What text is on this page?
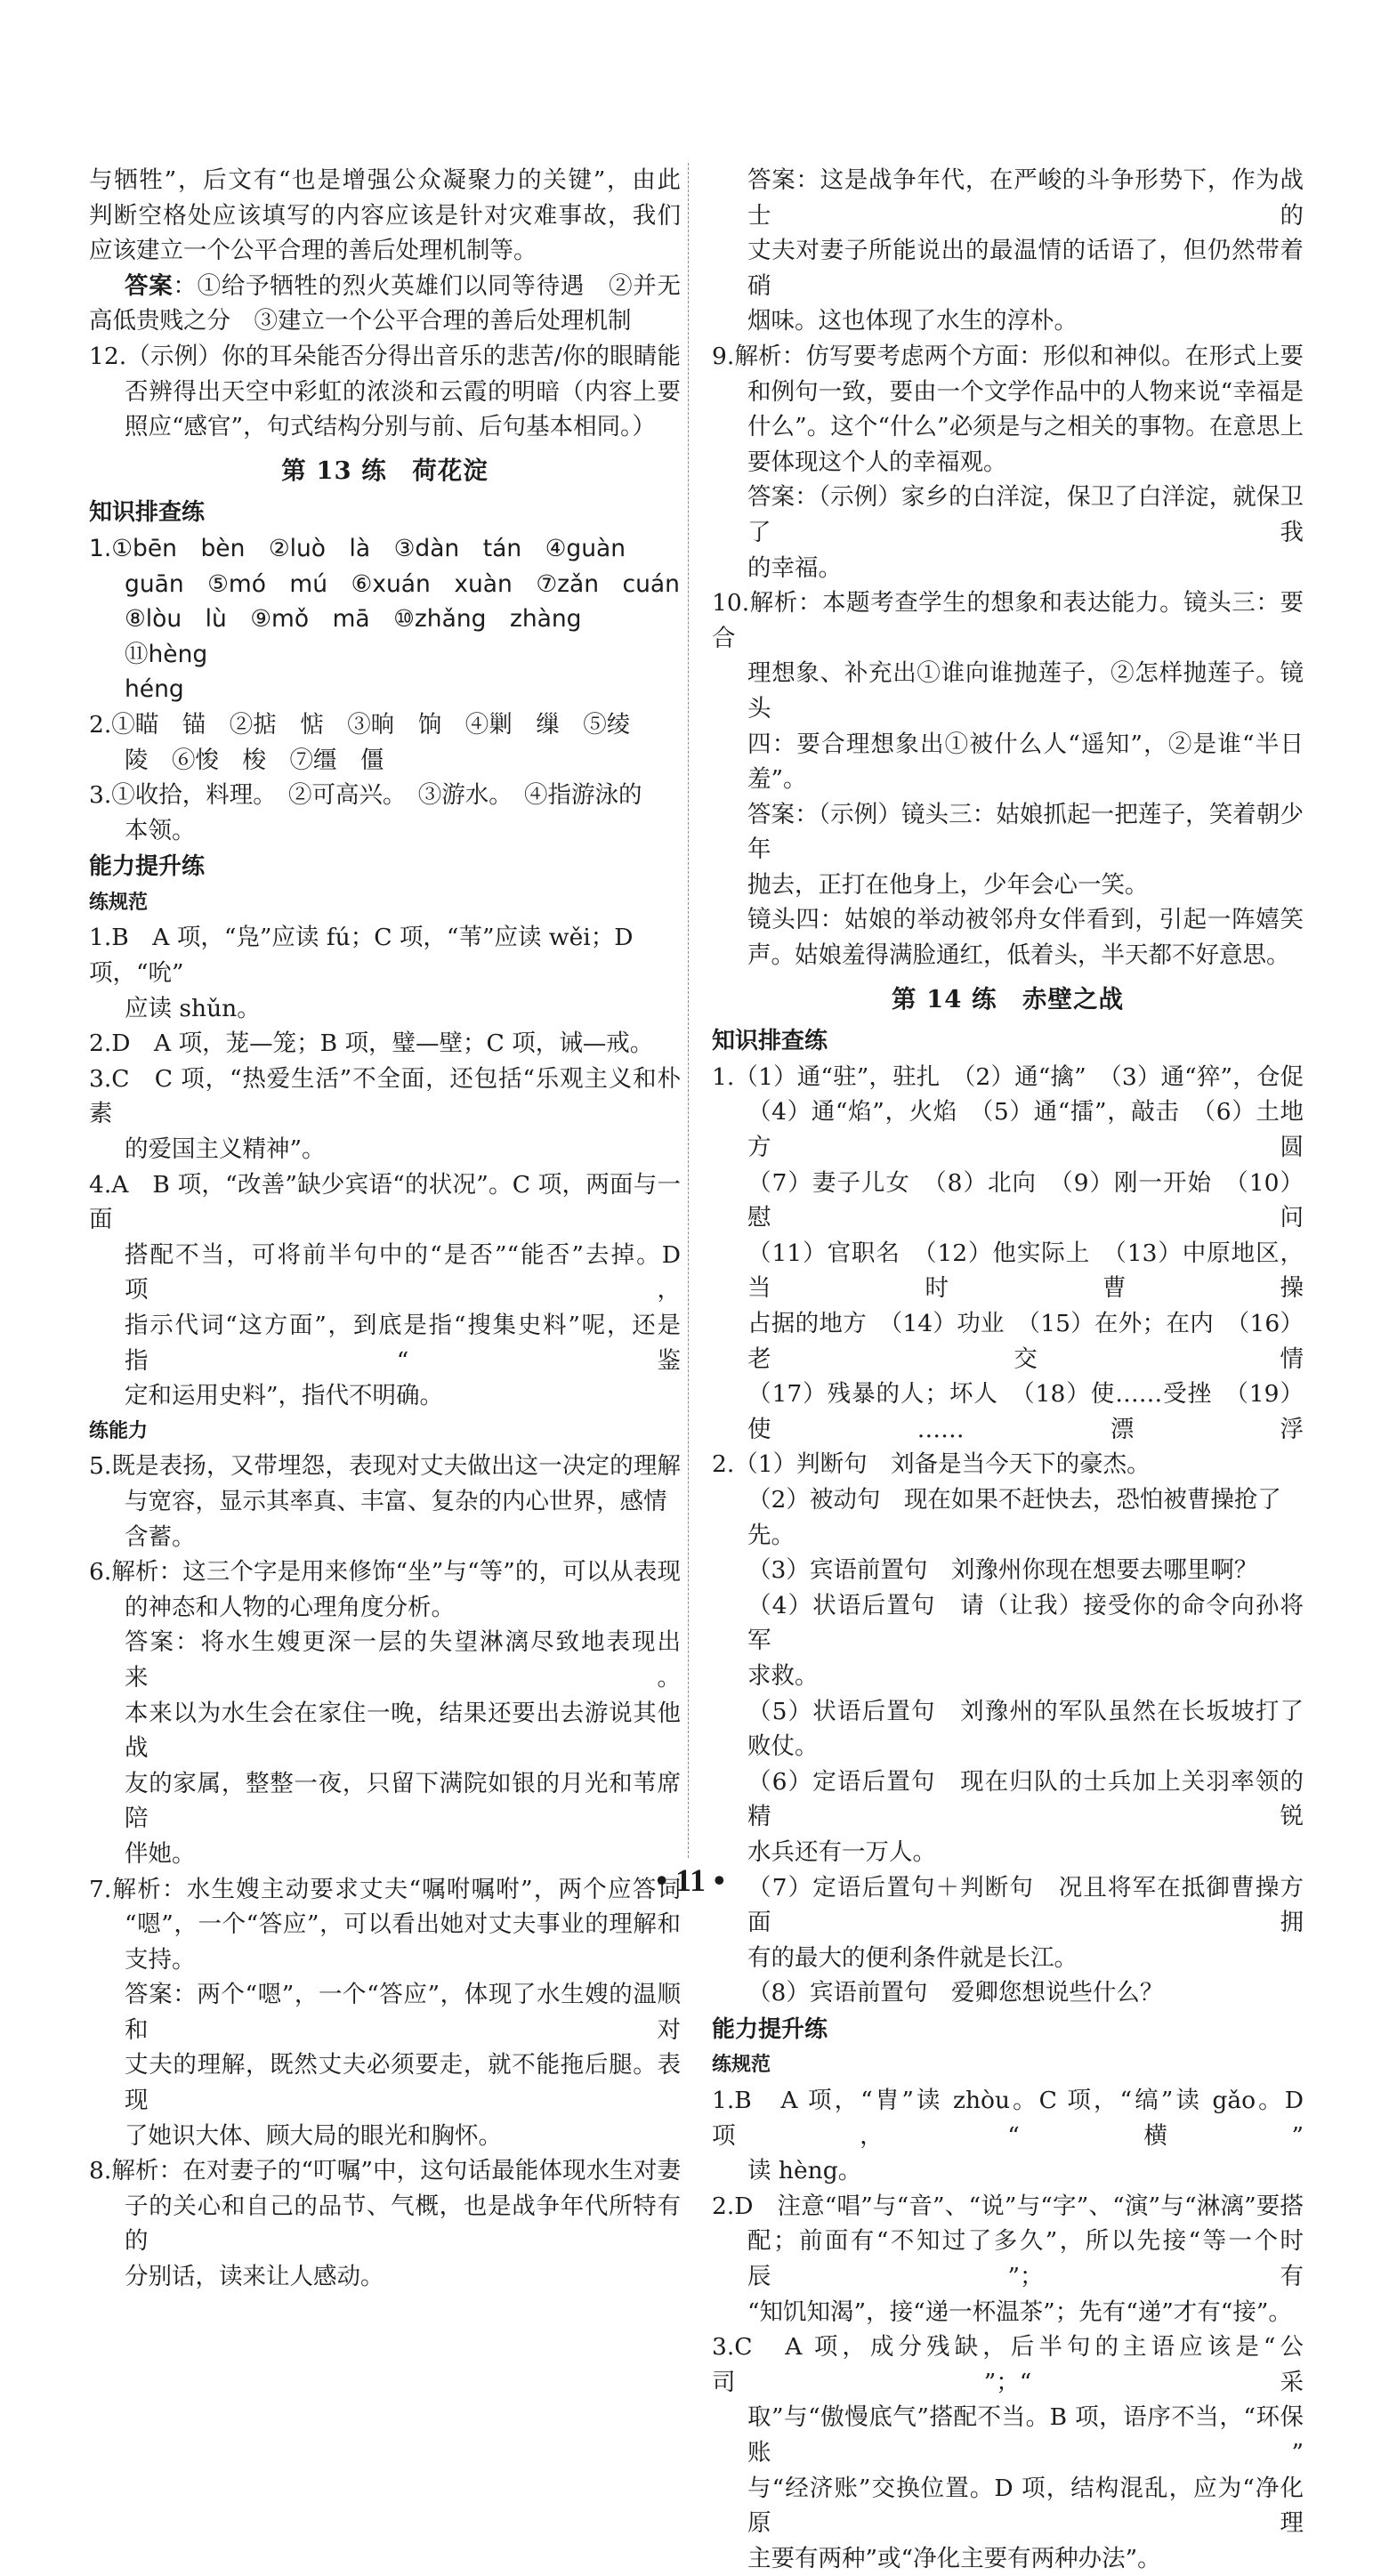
与牺牲”，后文有“也是增强公众凝聚力的关键”，由此

判断空格处应该填写的内容应该是针对灾难事故，我们

应该建立一个公平合理的善后处理机制等。

答案：①给予牺牲的烈火英雄们以同等待遇　②并无

高低贵贱之分　③建立一个公平合理的善后处理机制

12.（示例）你的耳朵能否分得出音乐的悲苦/你的眼睛能

否辨得出天空中彩虹的浓淡和云霞的明暗（内容上要

照应“感官”，句式结构分别与前、后句基本相同。）

第 13 练　荷花淀

知识排查练

1.①bēn　bèn　②luò　là　③dàn　tán　④guàn

guān　⑤mó　mú　⑥xuán　xuàn　⑦zǎn　cuán

⑧lòu　lù　⑨mǒ　mā　⑩zhǎng　zhàng　⑪hèng

héng

2.①瞄　锚　②掂　惦　③晌　饷　④剿　缫　⑤绫

陵　⑥悛　梭　⑦缰　僵

3.①收拾，料理。　②可高兴。　③游水。　④指游泳的

本领。

能力提升练

练规范

1.B　A 项，“凫”应读 fú；C 项，“苇”应读 wěi；D 项，“吮”

应读 shǔn。

2.D　A 项，茏—笼；B 项，璧—壁；C 项，诫—戒。

3.C　C 项，“热爱生活”不全面，还包括“乐观主义和朴素

的爱国主义精神”。

4.A　B 项，“改善”缺少宾语“的状况”。C 项，两面与一面

搭配不当，可将前半句中的“是否”“能否”去掉。D 项，

指示代词“这方面”，到底是指“搜集史料”呢，还是指“鉴

定和运用史料”，指代不明确。

练能力

5.既是表扬，又带埋怨，表现对丈夫做出这一决定的理解

与宽容，显示其率真、丰富、复杂的内心世界，感情含蓄。

6.解析：这三个字是用来修饰“坐”与“等”的，可以从表现

的神态和人物的心理角度分析。

答案：将水生嫂更深一层的失望淋漓尽致地表现出来。

本来以为水生会在家住一晚，结果还要出去游说其他战

友的家属，整整一夜，只留下满院如银的月光和苇席陪

伴她。

7.解析：水生嫂主动要求丈夫“嘱咐嘱咐”，两个应答词

“嗯”，一个“答应”，可以看出她对丈夫事业的理解和

支持。

答案：两个“嗯”，一个“答应”，体现了水生嫂的温顺和对

丈夫的理解，既然丈夫必须要走，就不能拖后腿。表现

了她识大体、顾大局的眼光和胸怀。

8.解析：在对妻子的“叮嘱”中，这句话最能体现水生对妻

子的关心和自己的品节、气概，也是战争年代所特有的

分别话，读来让人感动。

答案：这是战争年代，在严峻的斗争形势下，作为战士的

丈夫对妻子所能说出的最温情的话语了，但仍然带着硝

烟味。这也体现了水生的淳朴。

9.解析：仿写要考虑两个方面：形似和神似。在形式上要

和例句一致，要由一个文学作品中的人物来说“幸福是

什么”。这个“什么”必须是与之相关的事物。在意思上

要体现这个人的幸福观。

答案：（示例）家乡的白洋淀，保卫了白洋淀，就保卫了我

的幸福。

10.解析：本题考查学生的想象和表达能力。镜头三：要合

理想象、补充出①谁向谁抛莲子，②怎样抛莲子。镜头

四：要合理想象出①被什么人“遥知”，②是谁“半日

羞”。

答案：（示例）镜头三：姑娘抓起一把莲子，笑着朝少年

抛去，正打在他身上，少年会心一笑。

镜头四：姑娘的举动被邻舟女伴看到，引起一阵嬉笑

声。姑娘羞得满脸通红，低着头，半天都不好意思。

第 14 练　赤壁之战

知识排查练

1.（1）通“驻”，驻扎　（2）通“擒”　（3）通“猝”，仓促

（4）通“焰”，火焰　（5）通“擂”，敲击　（6）土地方圆

（7）妻子儿女　（8）北向　（9）刚一开始　（10）慰问

（11）官职名　（12）他实际上　（13）中原地区，当时曹操

占据的地方　（14）功业　（15）在外；在内　（16）老交情

（17）残暴的人；坏人　（18）使……受挫　（19）使……漂浮

2.（1）判断句　刘备是当今天下的豪杰。

（2）被动句　现在如果不赶快去，恐怕被曹操抢了先。

（3）宾语前置句　刘豫州你现在想要去哪里啊？

（4）状语后置句　请（让我）接受你的命令向孙将军

求救。

（5）状语后置句　刘豫州的军队虽然在长坂坡打了

败仗。

（6）定语后置句　现在归队的士兵加上关羽率领的精锐

水兵还有一万人。

（7）定语后置句＋判断句　况且将军在抵御曹操方面拥

有的最大的便利条件就是长江。

（8）宾语前置句　爱卿您想说些什么？

能力提升练

练规范

1.B　A 项，“胄”读 zhòu。C 项，“缟”读 gǎo。D 项，“横”

读 hèng。

2.D　注意“唱”与“音”、“说”与“字”、“演”与“淋漓”要搭

配；前面有“不知过了多久”，所以先接“等一个时辰”；有

“知饥知渴”，接“递一杯温茶”；先有“递”才有“接”。

3.C　A 项，成分残缺，后半句的主语应该是“公司”；“采

取”与“傲慢底气”搭配不当。B 项，语序不当，“环保账”

与“经济账”交换位置。D 项，结构混乱，应为“净化原理

主要有两种”或“净化主要有两种办法”。

• 11 •
